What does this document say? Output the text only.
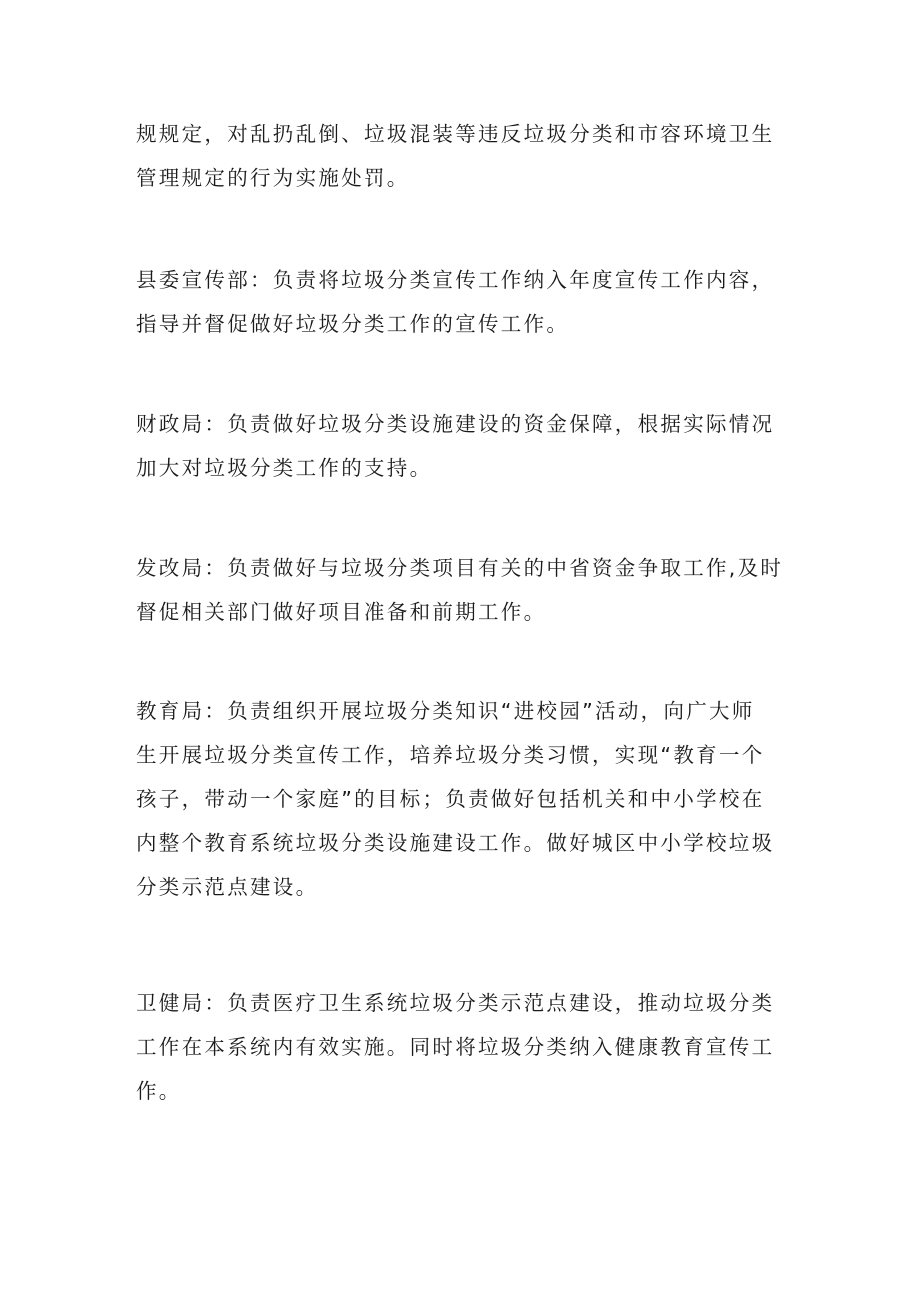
规规定，对乱扔乱倒、垃圾混装等违反垃圾分类和市容环境卫生
管理规定的行为实施处罚。
县委宣传部：负责将垃圾分类宣传工作纳入年度宣传工作内容，
指导并督促做好垃圾分类工作的宣传工作。
财政局：负责做好垃圾分类设施建设的资金保障，根据实际情况
加大对垃圾分类工作的支持。
发改局：负责做好与垃圾分类项目有关的中省资金争取工作,及时
督促相关部门做好项目准备和前期工作。
教育局：负责组织开展垃圾分类知识“进校园”活动，向广大师
生开展垃圾分类宣传工作，培养垃圾分类习惯，实现“教育一个
孩子，带动一个家庭”的目标；负责做好包括机关和中小学校在
内整个教育系统垃圾分类设施建设工作。做好城区中小学校垃圾
分类示范点建设。
卫健局：负责医疗卫生系统垃圾分类示范点建设，推动垃圾分类
工作在本系统内有效实施。同时将垃圾分类纳入健康教育宣传工
作。
